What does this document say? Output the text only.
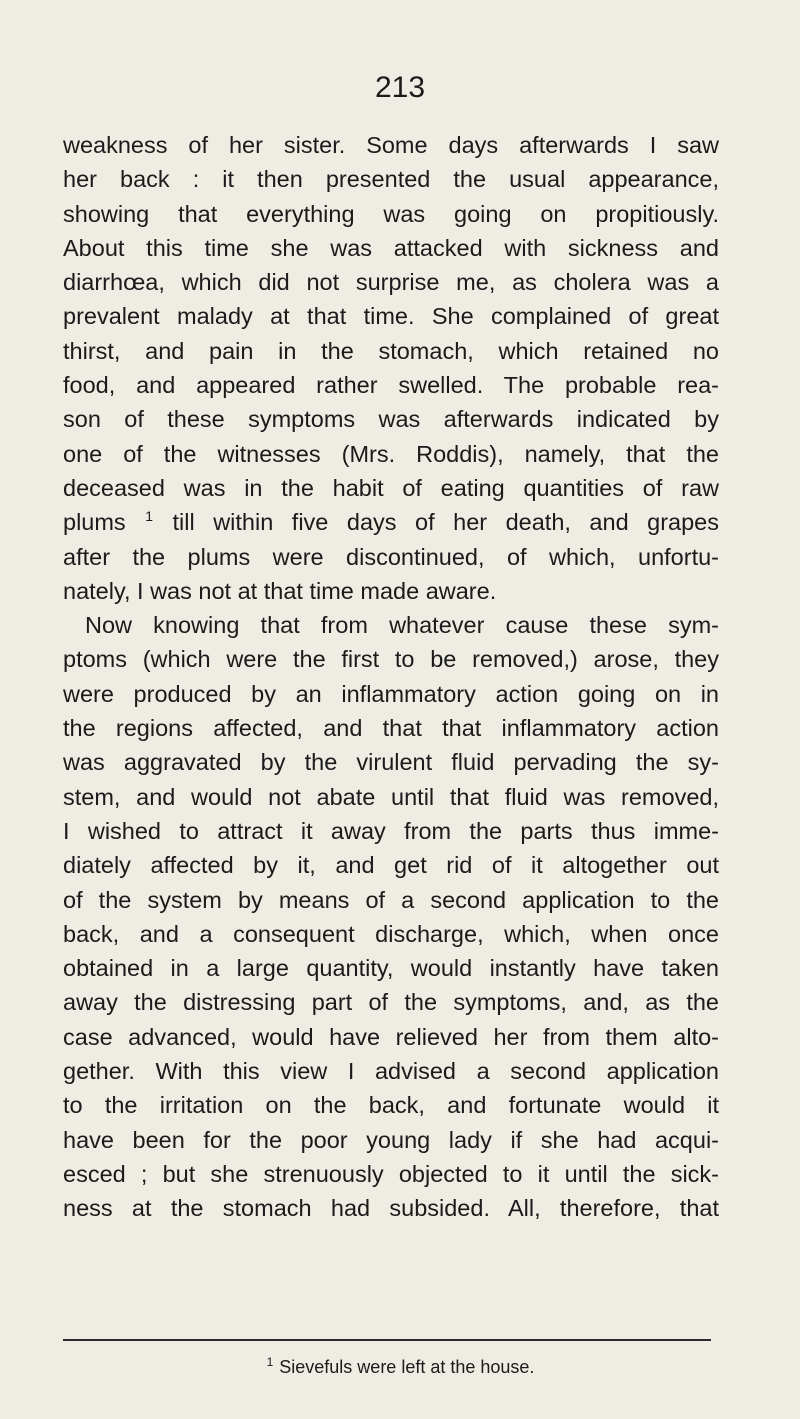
213
weakness of her sister. Some days afterwards I saw
her back : it then presented the usual appearance,
showing that everything was going on propitiously.
About this time she was attacked with sickness and
diarrhœa, which did not surprise me, as cholera was a
prevalent malady at that time. She complained of great
thirst, and pain in the stomach, which retained no
food, and appeared rather swelled. The probable rea-
son of these symptoms was afterwards indicated by
one of the witnesses (Mrs. Roddis), namely, that the
deceased was in the habit of eating quantities of raw
plums $^1$ till within five days of her death, and grapes
after the plums were discontinued, of which, unfortu-
nately, I was not at that time made aware.
Now knowing that from whatever cause these sym-
ptoms (which were the first to be removed,) arose, they
were produced by an inflammatory action going on in
the regions affected, and that that inflammatory action
was aggravated by the virulent fluid pervading the sy-
stem, and would not abate until that fluid was removed,
I wished to attract it away from the parts thus imme-
diately affected by it, and get rid of it altogether out
of the system by means of a second application to the
back, and a consequent discharge, which, when once
obtained in a large quantity, would instantly have taken
away the distressing part of the symptoms, and, as the
case advanced, would have relieved her from them alto-
gether. With this view I advised a second application
to the irritation on the back, and fortunate would it
have been for the poor young lady if she had acqui-
esced ; but she strenuously objected to it until the sick-
ness at the stomach had subsided. All, therefore, that
$^1$ Sievefuls were left at the house.
